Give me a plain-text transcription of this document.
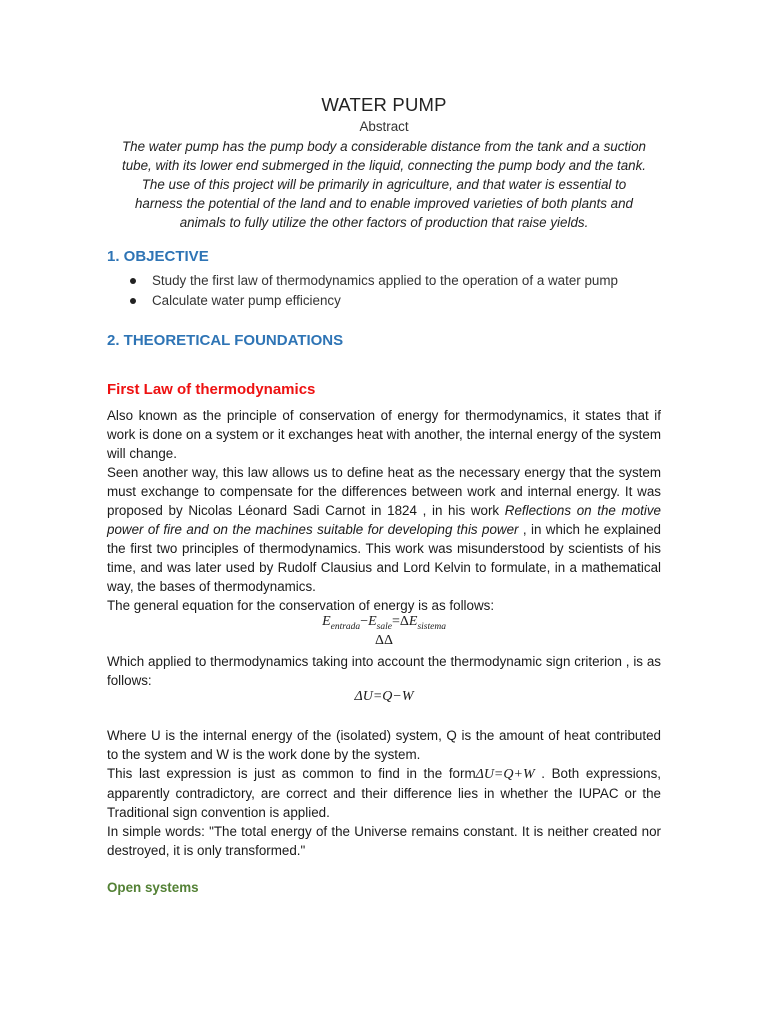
WATER PUMP
Abstract
The water pump has the pump body a considerable distance from the tank and a suction
tube, with its lower end submerged in the liquid, connecting the pump body and the tank.
The use of this project will be primarily in agriculture, and that water is essential to
harness the potential of the land and to enable improved varieties of both plants and
animals to fully utilize the other factors of production that raise yields.
1. OBJECTIVE
Study the first law of thermodynamics applied to the operation of a water pump
Calculate water pump efficiency
2. THEORETICAL FOUNDATIONS
First Law of thermodynamics

Also known as the principle of conservation of energy for thermodynamics, it states that if work is done on a system or it exchanges heat with another, the internal energy of the system will change.

Seen another way, this law allows us to define heat as the necessary energy that the system must exchange to compensate for the differences between work and internal energy. It was proposed by Nicolas Léonard Sadi Carnot in 1824 , in his work Reflections on the motive power of fire and on the machines suitable for developing this power , in which he explained the first two principles of thermodynamics. This work was misunderstood by scientists of his time, and was later used by Rudolf Clausius and Lord Kelvin to formulate, in a mathematical way, the bases of thermodynamics.

The general equation for the conservation of energy is as follows:

$E_{entrada}-E_{sale}=\Delta E_{sistema}$
ΔΔ

Which applied to thermodynamics taking into account the thermodynamic sign criterion , is as follows:

ΔU=Q−W

Where U is the internal energy of the (isolated) system, Q is the amount of heat contributed to the system and W is the work done by the system.

This last expression is just as common to find in the formΔU=Q+W . Both expressions, apparently contradictory, are correct and their difference lies in whether the IUPAC or the Traditional sign convention is applied.

In simple words: "The total energy of the Universe remains constant. It is neither created nor destroyed, it is only transformed."

Open systems
